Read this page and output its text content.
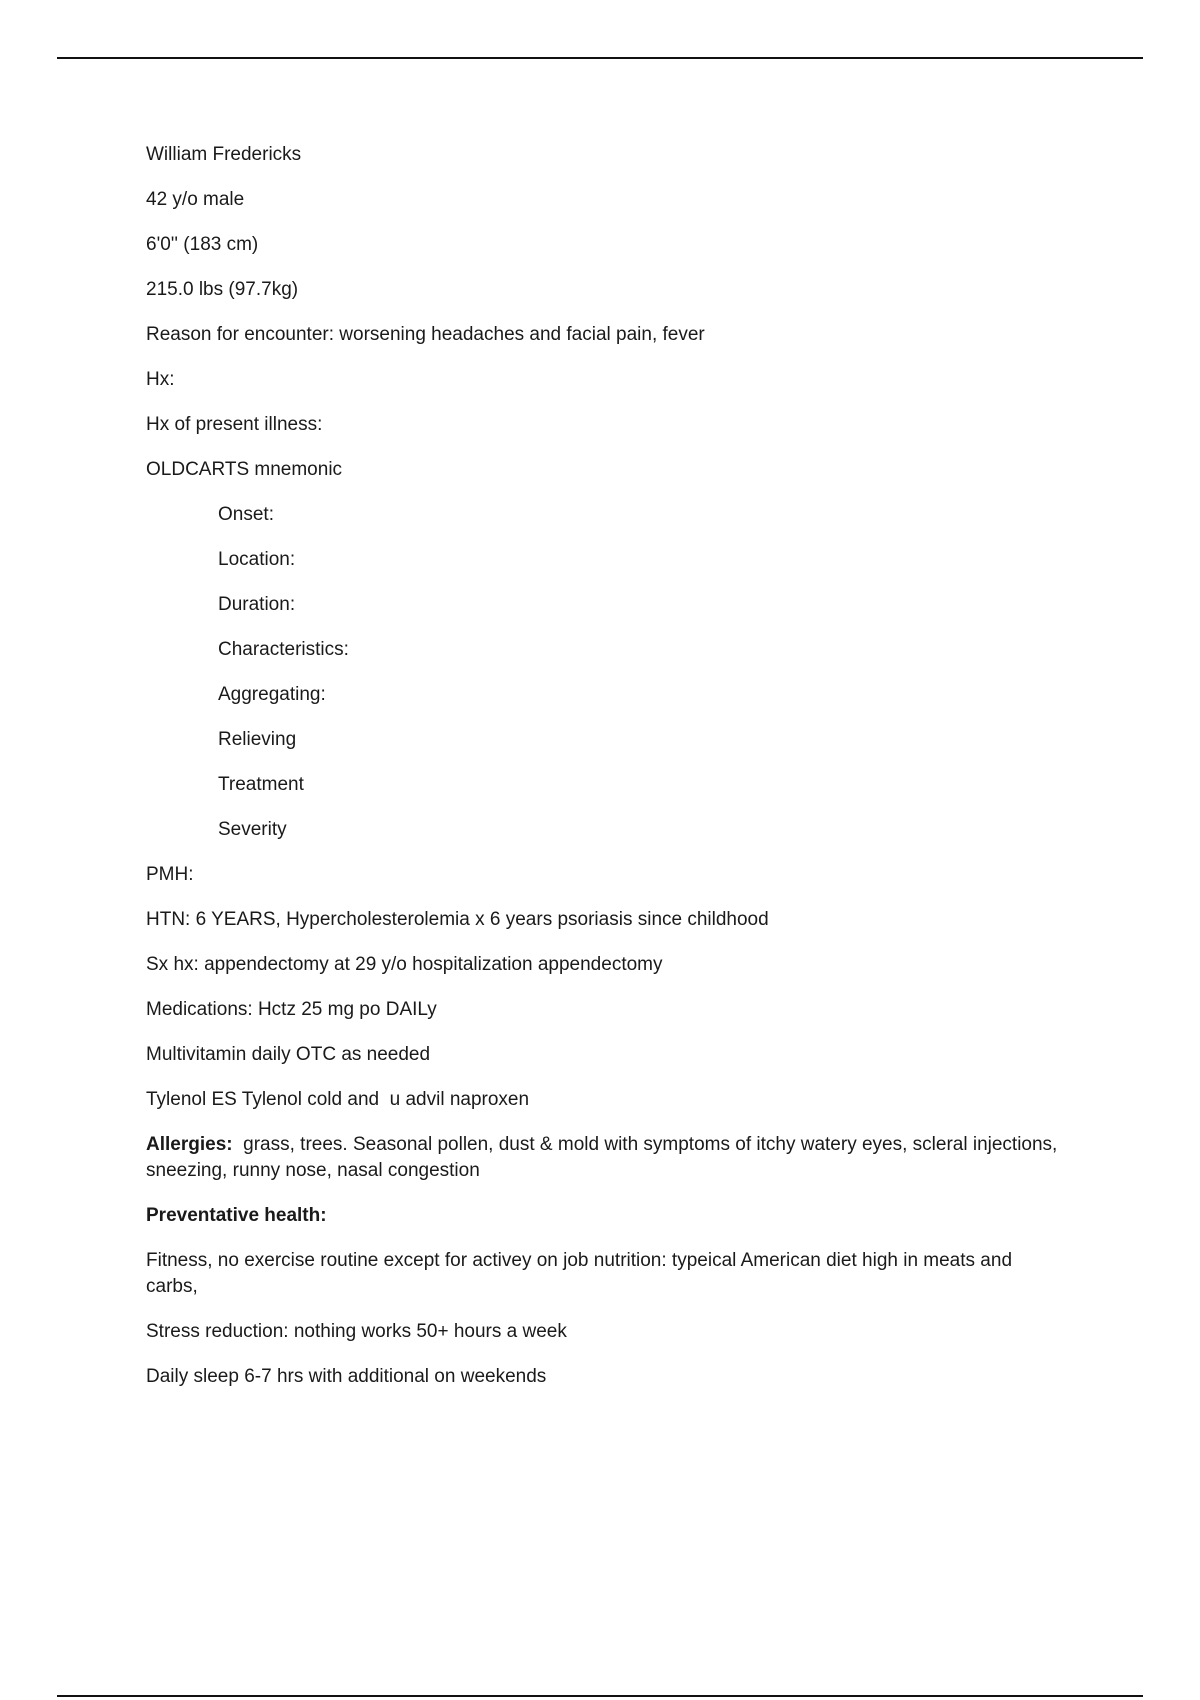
William Fredericks

42 y/o male

6'0'' (183 cm)

215.0 lbs (97.7kg)

Reason for encounter: worsening headaches and facial pain, fever

Hx:

Hx of present illness:

OLDCARTS mnemonic

Onset:

Location:

Duration:

Characteristics:

Aggregating:

Relieving

Treatment

Severity

PMH:

HTN: 6 YEARS, Hypercholesterolemia x 6 years psoriasis since childhood

Sx hx: appendectomy at 29 y/o hospitalization appendectomy

Medications: Hctz 25 mg po DAILy

Multivitamin daily OTC as needed

Tylenol ES Tylenol cold and  u advil naproxen

Allergies:  grass, trees. Seasonal pollen, dust & mold with symptoms of itchy watery eyes, scleral injections, sneezing, runny nose, nasal congestion

Preventative health:

Fitness, no exercise routine except for activey on job nutrition: typeical American diet high in meats and carbs,

Stress reduction: nothing works 50+ hours a week

Daily sleep 6-7 hrs with additional on weekends
